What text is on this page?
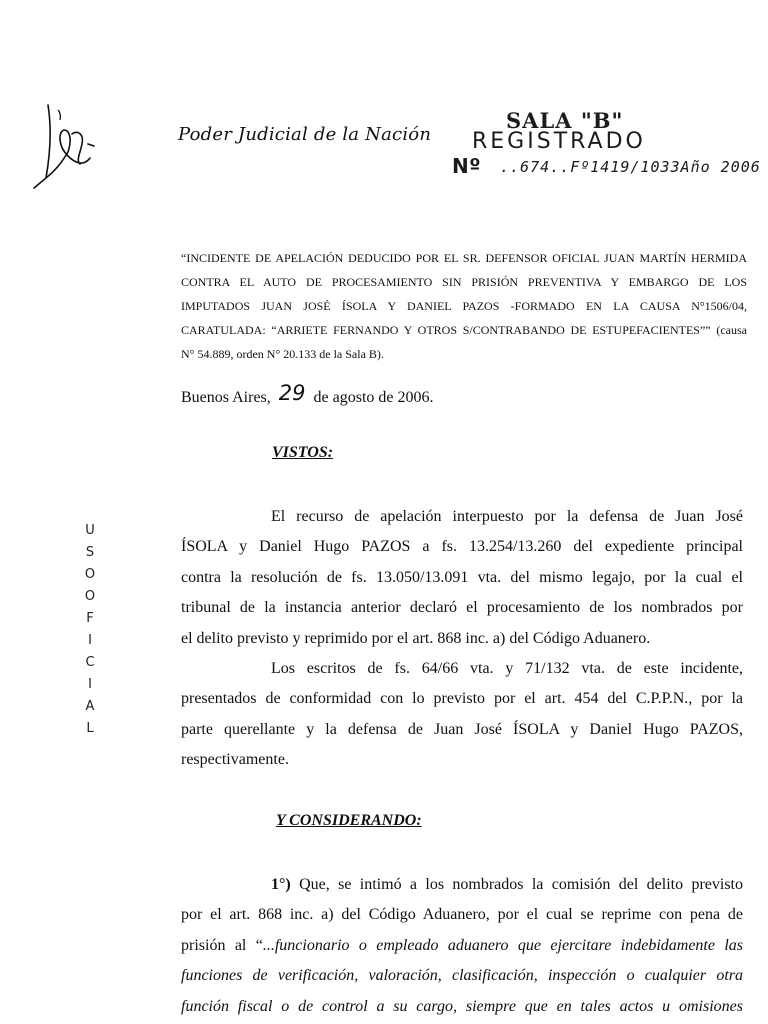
Poder Judicial de la Nación
SALA "B"
REGISTRADO
Nº ..674..Fº1419/1033Año 2006
U
S
O
O
F
I
C
I
A
L

“INCIDENTE DE APELACIÓN DEDUCIDO POR EL SR. DEFENSOR OFICIAL JUAN MARTÍN HERMIDA

CONTRA EL AUTO DE PROCESAMIENTO SIN PRISIÓN PREVENTIVA Y EMBARGO DE LOS

IMPUTADOS JUAN JOSÉ ÍSOLA Y DANIEL PAZOS -FORMADO EN LA CAUSA N°1506/04,

CARATULADA: “ARRIETE FERNANDO Y OTROS S/CONTRABANDO DE ESTUPEFACIENTES”” (causa

N° 54.889, orden N° 20.133 de la Sala B).

Buenos Aires, 29 de agosto de 2006.
VISTOS:
El recurso de apelación interpuesto por la defensa de Juan José
ÍSOLA y Daniel Hugo PAZOS a fs. 13.254/13.260 del expediente principal
contra la resolución de fs. 13.050/13.091 vta. del mismo legajo, por la cual el
tribunal de la instancia anterior declaró el procesamiento de los nombrados por
el delito previsto y reprimido por el art. 868 inc. a) del Código Aduanero.
Los escritos de fs. 64/66 vta. y 71/132 vta. de este incidente,
presentados de conformidad con lo previsto por el art. 454 del C.P.P.N., por la
parte querellante y la defensa de Juan José ÍSOLA y Daniel Hugo PAZOS,
respectivamente.
Y CONSIDERANDO:
1°) Que, se intimó a los nombrados la comisión del delito previsto
por el art. 868 inc. a) del Código Aduanero, por el cual se reprime con pena de
prisión al “...funcionario o empleado aduanero que ejercitare indebidamente las
funciones de verificación, valoración, clasificación, inspección o cualquier otra
función fiscal o de control a su cargo, siempre que en tales actos u omisiones
